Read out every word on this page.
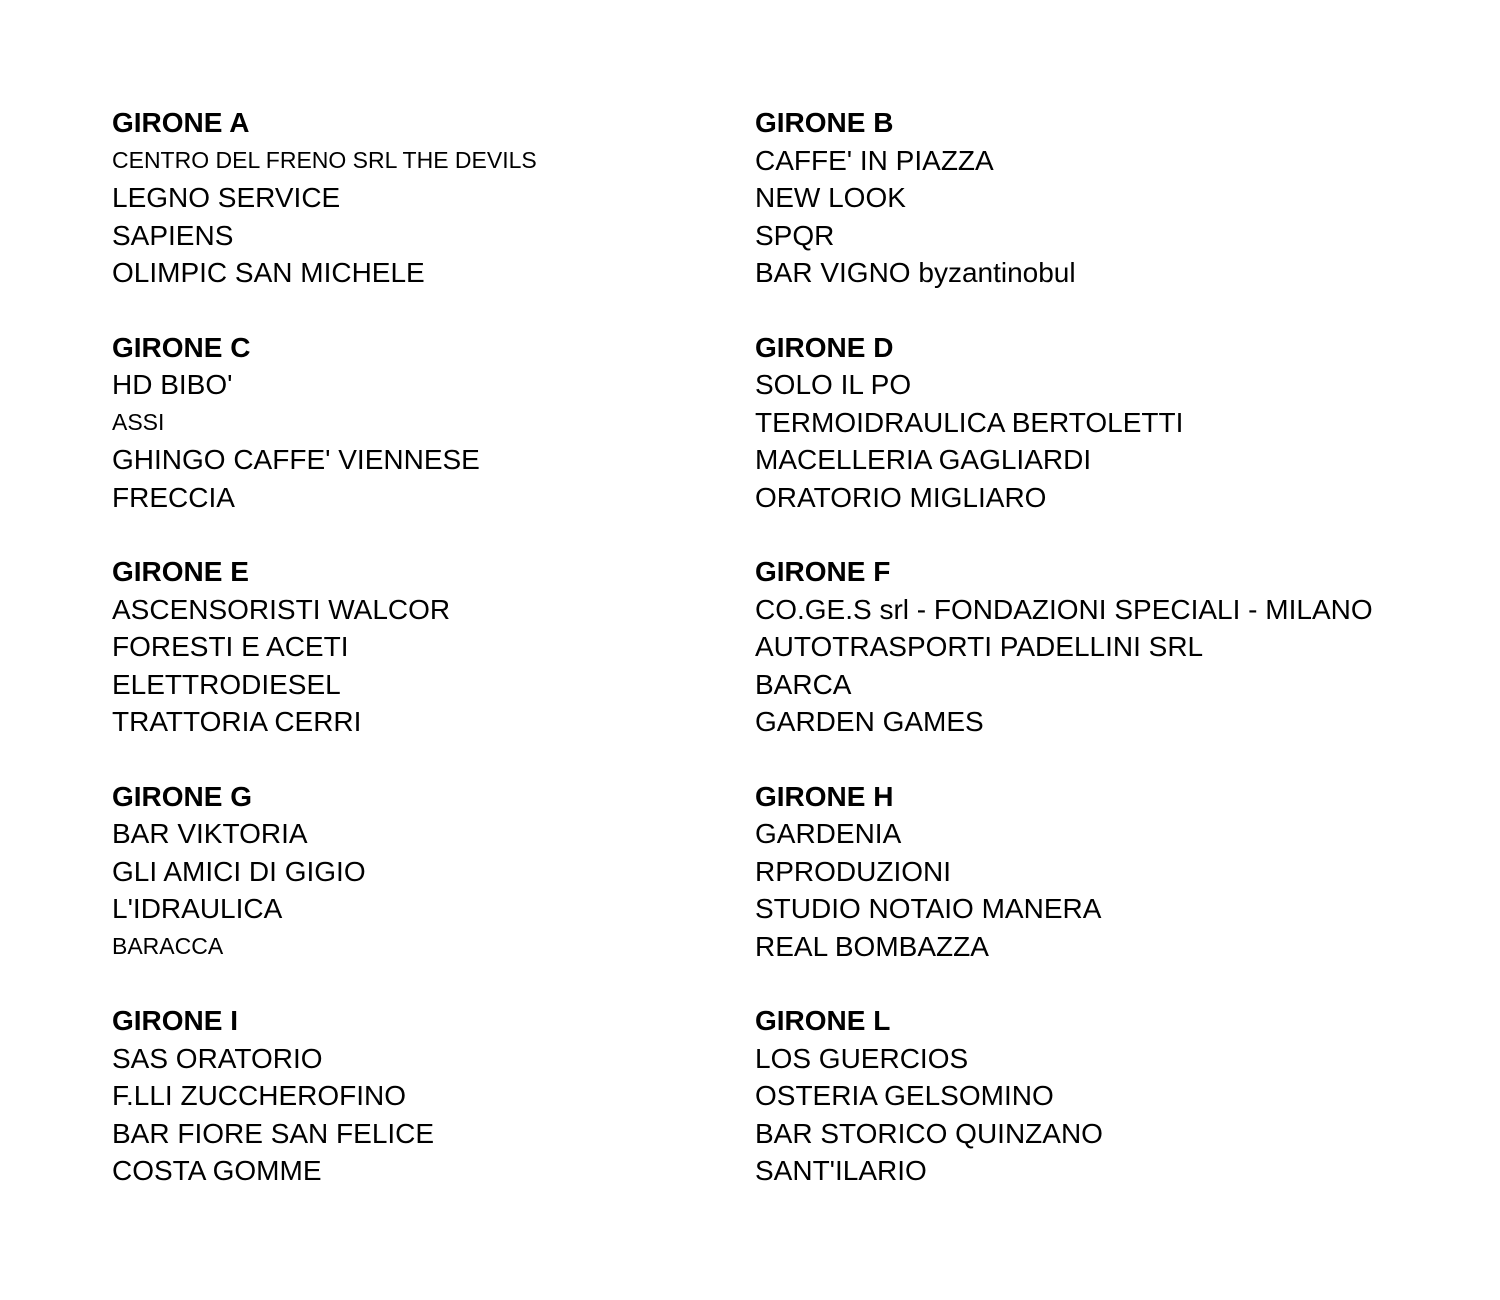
GIRONE A
CENTRO DEL FRENO SRL THE DEVILS
LEGNO SERVICE
SAPIENS
OLIMPIC SAN MICHELE
GIRONE B
CAFFE' IN PIAZZA
NEW LOOK
SPQR
BAR VIGNO byzantinobul
GIRONE C
HD BIBO'
ASSI
GHINGO CAFFE' VIENNESE
FRECCIA
GIRONE D
SOLO IL PO
TERMOIDRAULICA BERTOLETTI
MACELLERIA GAGLIARDI
ORATORIO MIGLIARO
GIRONE E
ASCENSORISTI WALCOR
FORESTI E ACETI
ELETTRODIESEL
TRATTORIA CERRI
GIRONE F
CO.GE.S srl - FONDAZIONI SPECIALI - MILANO
AUTOTRASPORTI PADELLINI SRL
BARCA
GARDEN GAMES
GIRONE G
BAR VIKTORIA
GLI AMICI DI GIGIO
L'IDRAULICA
BARACCA
GIRONE H
GARDENIA
RPRODUZIONI
STUDIO NOTAIO MANERA
REAL BOMBAZZA
GIRONE I
SAS ORATORIO
F.LLI ZUCCHEROFINO
BAR FIORE SAN FELICE
COSTA GOMME
GIRONE L
LOS GUERCIOS
OSTERIA GELSOMINO
BAR STORICO QUINZANO
SANT'ILARIO
